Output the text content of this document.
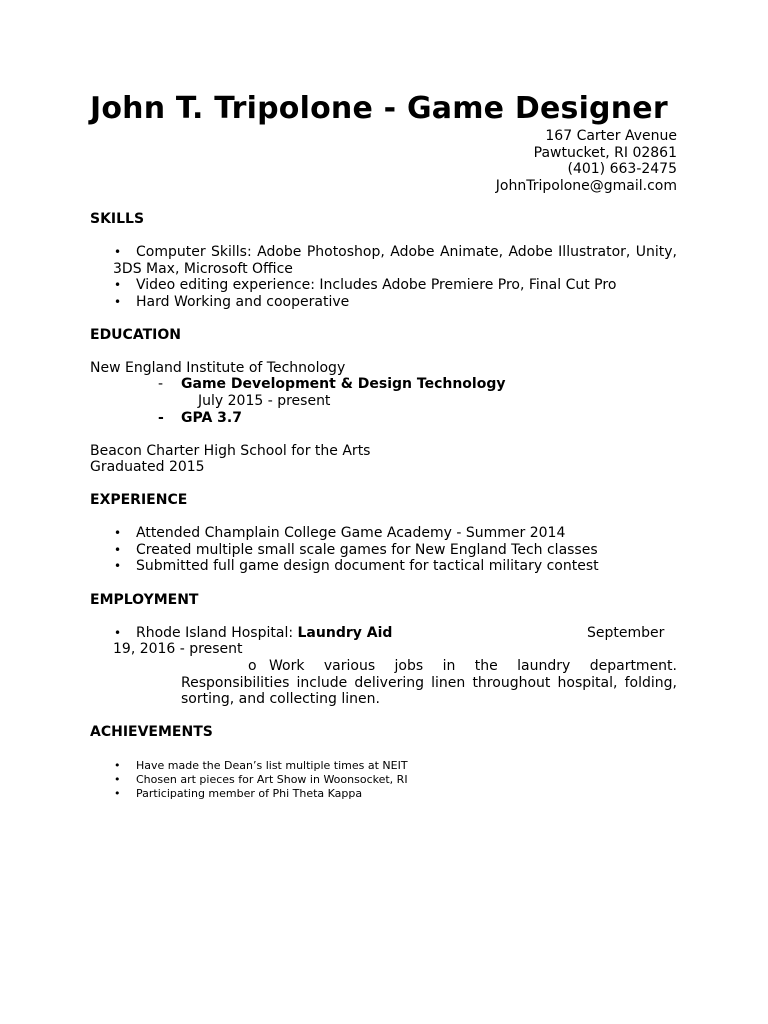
John T. Tripolone - Game Designer
167 Carter Avenue
Pawtucket, RI 02861
(401) 663-2475
JohnTripolone@gmail.com
SKILLS
• Computer Skills: Adobe Photoshop, Adobe Animate, Adobe Illustrator, Unity,
3DS Max, Microsoft Office
• Video editing experience: Includes Adobe Premiere Pro, Final Cut Pro
• Hard Working and cooperative
EDUCATION
New England Institute of Technology
- Game Development & Design Technology
July 2015 - present
- GPA 3.7
Beacon Charter High School for the Arts
Graduated 2015
EXPERIENCE
• Attended Champlain College Game Academy - Summer 2014
• Created multiple small scale games for New England Tech classes
• Submitted full game design document for tactical military contest
EMPLOYMENT
• Rhode Island Hospital: Laundry Aid	September
19, 2016 - present
o Work various jobs in the laundry department.
Responsibilities include delivering linen throughout hospital, folding,
sorting, and collecting linen.
ACHIEVEMENTS
• Have made the Dean’s list multiple times at NEIT
• Chosen art pieces for Art Show in Woonsocket, RI
• Participating member of Phi Theta Kappa
